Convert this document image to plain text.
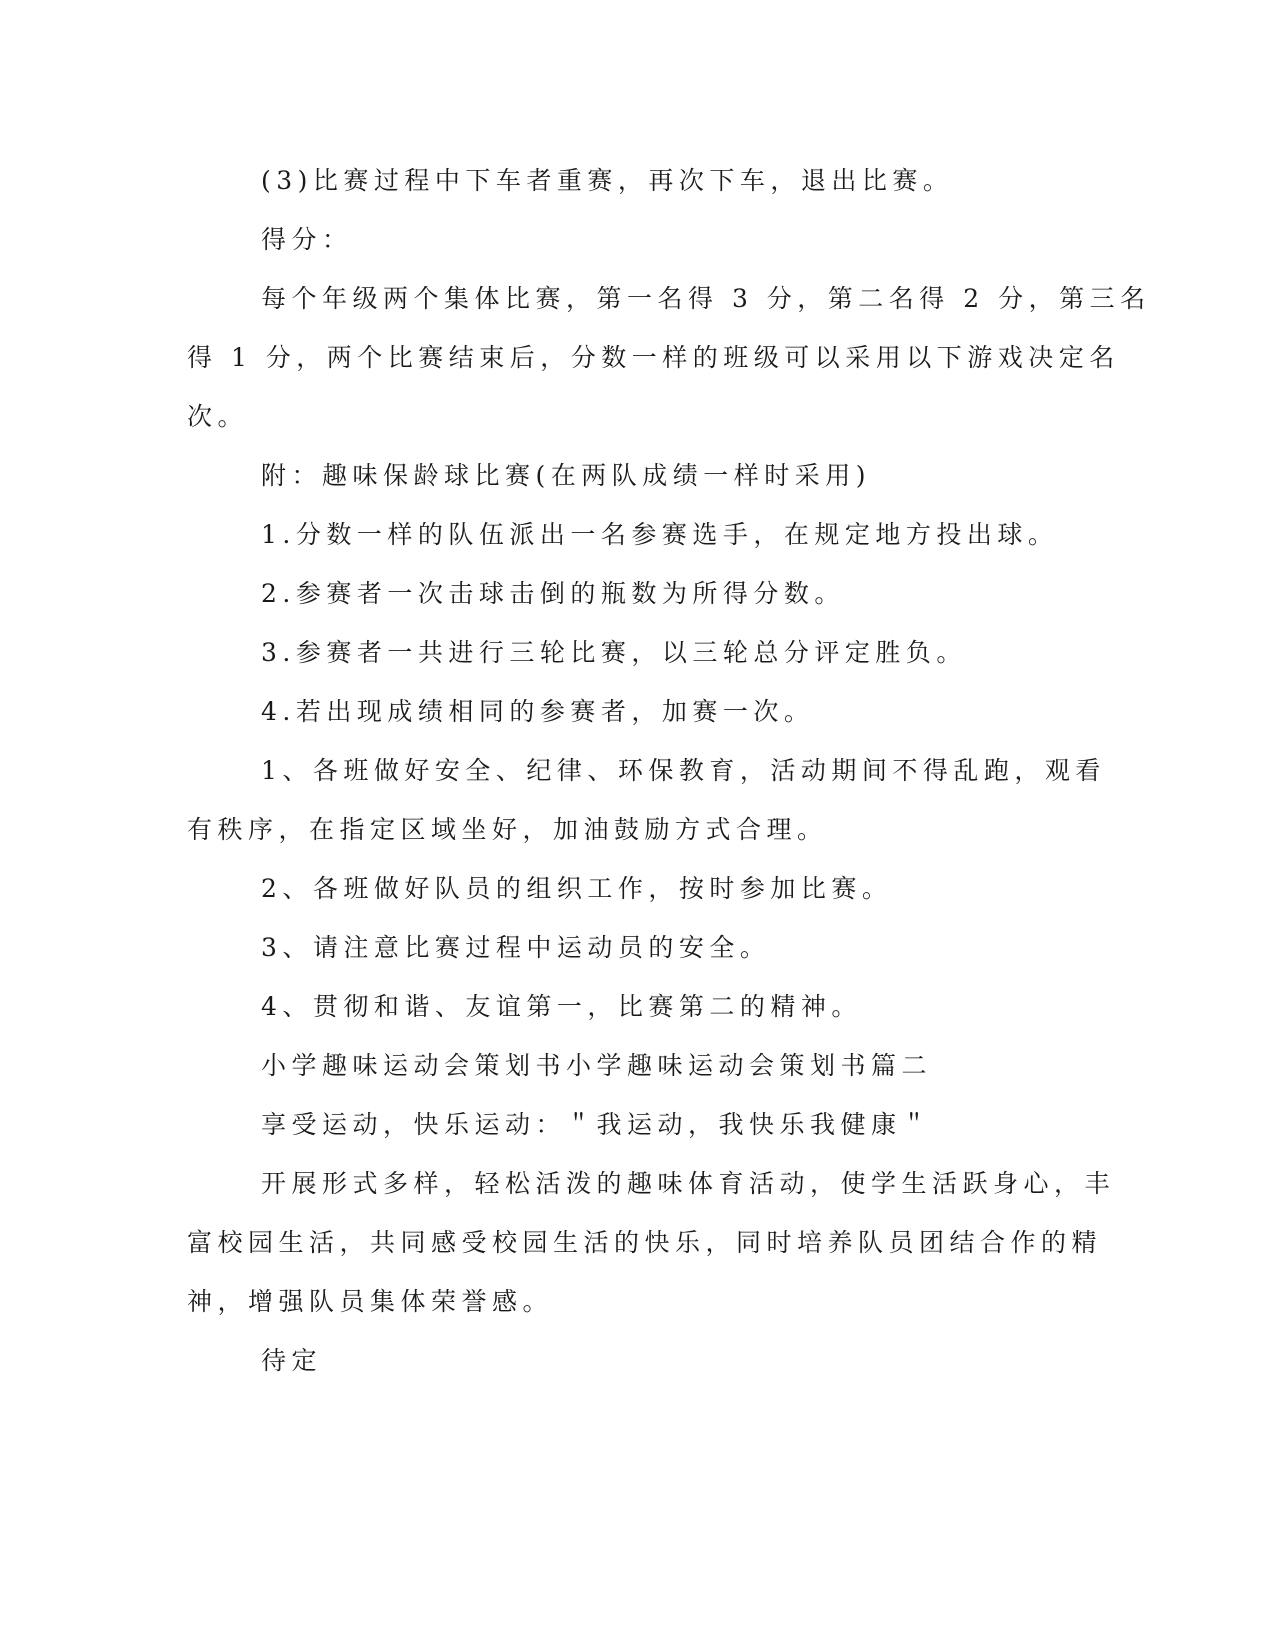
(3)比赛过程中下车者重赛，再次下车，退出比赛。
得分：
每个年级两个集体比赛，第一名得 3 分，第二名得 2 分，第三名
得 1 分，两个比赛结束后，分数一样的班级可以采用以下游戏决定名
次。
附：趣味保龄球比赛(在两队成绩一样时采用)
1.分数一样的队伍派出一名参赛选手，在规定地方投出球。
2.参赛者一次击球击倒的瓶数为所得分数。
3.参赛者一共进行三轮比赛，以三轮总分评定胜负。
4.若出现成绩相同的参赛者，加赛一次。
1、各班做好安全、纪律、环保教育，活动期间不得乱跑，观看
有秩序，在指定区域坐好，加油鼓励方式合理。
2、各班做好队员的组织工作，按时参加比赛。
3、请注意比赛过程中运动员的安全。
4、贯彻和谐、友谊第一，比赛第二的精神。
小学趣味运动会策划书小学趣味运动会策划书篇二
享受运动，快乐运动：＂我运动，我快乐我健康＂
开展形式多样，轻松活泼的趣味体育活动，使学生活跃身心，丰
富校园生活，共同感受校园生活的快乐，同时培养队员团结合作的精
神，增强队员集体荣誉感。
待定
